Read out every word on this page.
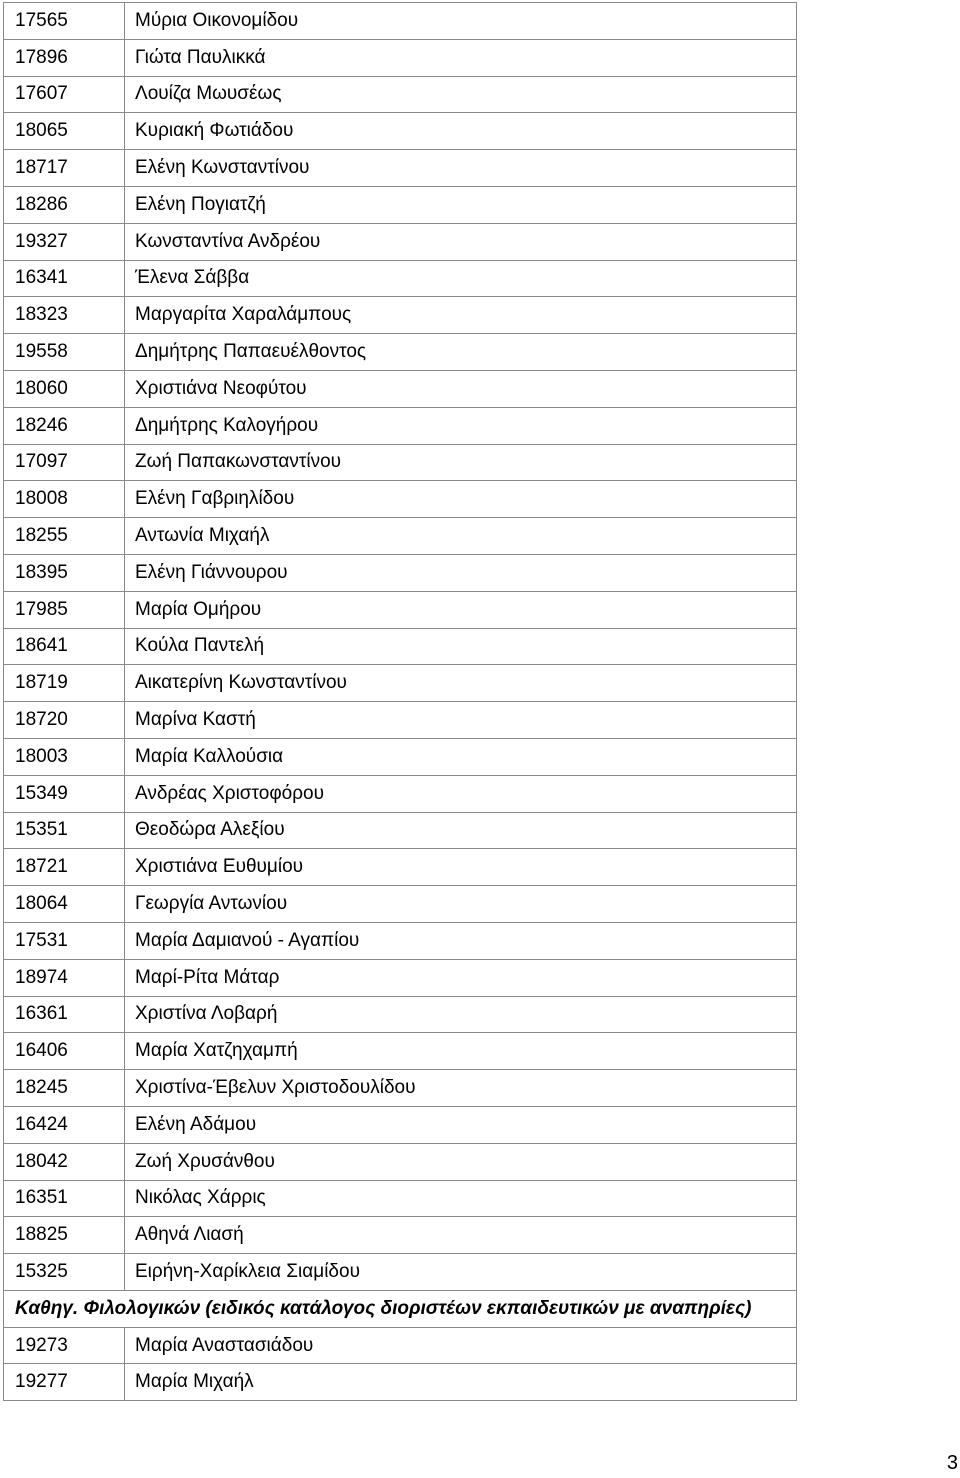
17565	Μύρια Οικονομίδου
17896	Γιώτα Παυλικκά
17607	Λουίζα Μωυσέως
18065	Κυριακή Φωτιάδου
18717	Ελένη Κωνσταντίνου
18286	Ελένη Πογιατζή
19327	Κωνσταντίνα Ανδρέου
16341	Έλενα Σάββα
18323	Μαργαρίτα Χαραλάμπους
19558	Δημήτρης Παπαευέλθοντος
18060	Χριστιάνα Νεοφύτου
18246	Δημήτρης Καλογήρου
17097	Ζωή Παπακωνσταντίνου
18008	Ελένη Γαβριηλίδου
18255	Αντωνία Μιχαήλ
18395	Ελένη Γιάννουρου
17985	Μαρία Ομήρου
18641	Κούλα Παντελή
18719	Αικατερίνη Κωνσταντίνου
18720	Μαρίνα Καστή
18003	Μαρία Καλλούσια
15349	Ανδρέας Χριστοφόρου
15351	Θεοδώρα Αλεξίου
18721	Χριστιάνα Ευθυμίου
18064	Γεωργία Αντωνίου
17531	Μαρία Δαμιανού - Αγαπίου
18974	Μαρί-Ρίτα Μάταρ
16361	Χριστίνα Λοβαρή
16406	Μαρία Χατζηχαμπή
18245	Χριστίνα-Έβελυν Χριστοδουλίδου
16424	Ελένη Αδάμου
18042	Ζωή Χρυσάνθου
16351	Νικόλας Χάρρις
18825	Αθηνά Λιασή
15325	Ειρήνη-Χαρίκλεια Σιαμίδου
Καθηγ. Φιλολογικών (ειδικός κατάλογος διοριστέων εκπαιδευτικών με αναπηρίες)	
19273	Μαρία Αναστασιάδου
19277	Μαρία Μιχαήλ
3
